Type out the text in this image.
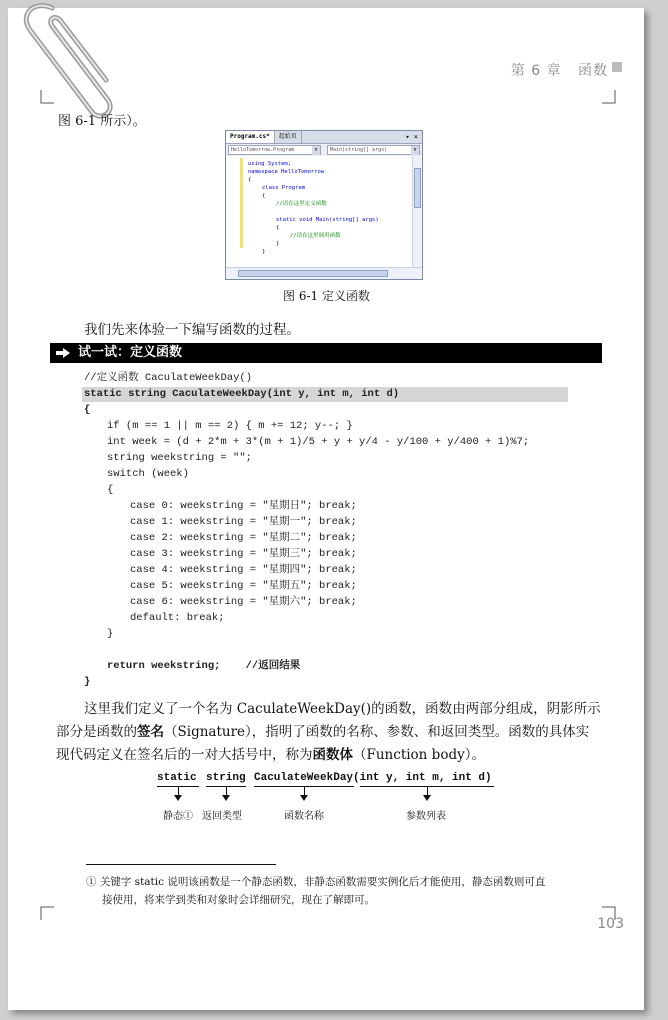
第 6 章 函数
图 6-1 所示）。
Program.cs*	起始页	▾ ×
HelloTomorrow.Program	▼	Main(string[] args)	▼
using System;
namespace HelloTomorrow
{
class Program
{
//请在这里定义函数
static void Main(string[] args)
{
//请在这里调用函数
}
}
图 6-1 定义函数
我们先来体验一下编写函数的过程。
试一试：定义函数
//定义函数 CaculateWeekDay()
static string CaculateWeekDay(int y, int m, int d)
{
if (m == 1 || m == 2) { m += 12; y--; }
int week = (d + 2*m + 3*(m + 1)/5 + y + y/4 - y/100 + y/400 + 1)%7;
string weekstring = "";
switch (week)
{
case 0: weekstring = "星期日"; break;
case 1: weekstring = "星期一"; break;
case 2: weekstring = "星期二"; break;
case 3: weekstring = "星期三"; break;
case 4: weekstring = "星期四"; break;
case 5: weekstring = "星期五"; break;
case 6: weekstring = "星期六"; break;
default: break;
}
return weekstring;    //返回结果
}
这里我们定义了一个名为 CaculateWeekDay()的函数，函数由两部分组成，阴影所示
部分是函数的签名（Signature），指明了函数的名称、参数、和返回类型。函数的具体实
现代码定义在签名后的一对大括号中，称为函数体（Function body）。
static string CaculateWeekDay (int y, int m, int d)
静态① 返回类型	函数名称	参数列表
① 关键字 static 说明该函数是一个静态函数，非静态函数需要实例化后才能使用，静态函数则可直
接使用，将来学到类和对象时会详细研究，现在了解即可。
103
